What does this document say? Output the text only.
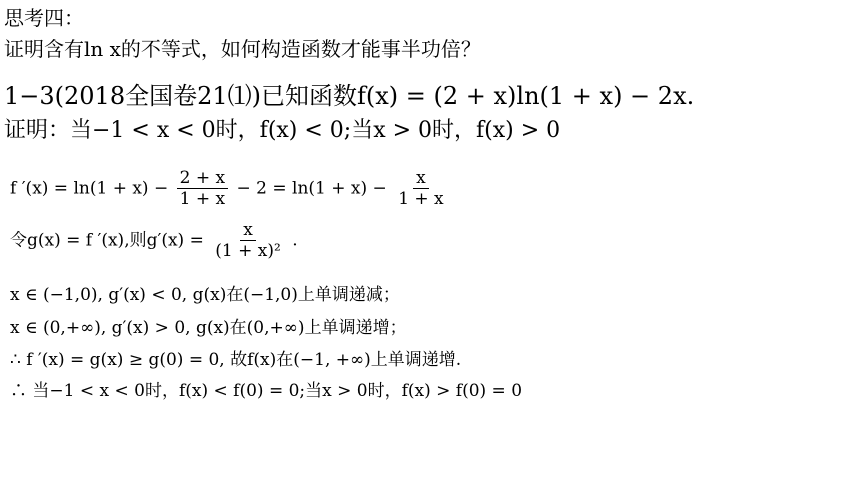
思考四：
证明含有ln x的不等式，如何构造函数才能事半功倍？
1−3(2018全国卷21⑴)已知函数f(x) = (2 + x)ln(1 + x) − 2x.
证明：当−1 < x < 0时，f(x) < 0;当x > 0时，f(x) > 0
f $'(x) = \ln(1 + x) - \frac{2 + x}{1 + x} - 2 = \ln(1 + x) - \frac{x}{1 + x}$
令g(x) = f ′(x),则$g'(x) = \frac{x}{\text{(1 + x)²}}$ .
x ∈ (−1,0), g′(x) < 0, g(x)在(−1,0)上单调递减；
x ∈ (0,+∞), g′(x) > 0, g(x)在(0,+∞)上单调递增；
∴ f ′(x) = g(x) ≥ g(0) = 0, 故f(x)在(−1, +∞)上单调递增.
∴ 当−1 < x < 0时，f(x) < f(0) = 0;当x > 0时，f(x) > f(0) = 0
